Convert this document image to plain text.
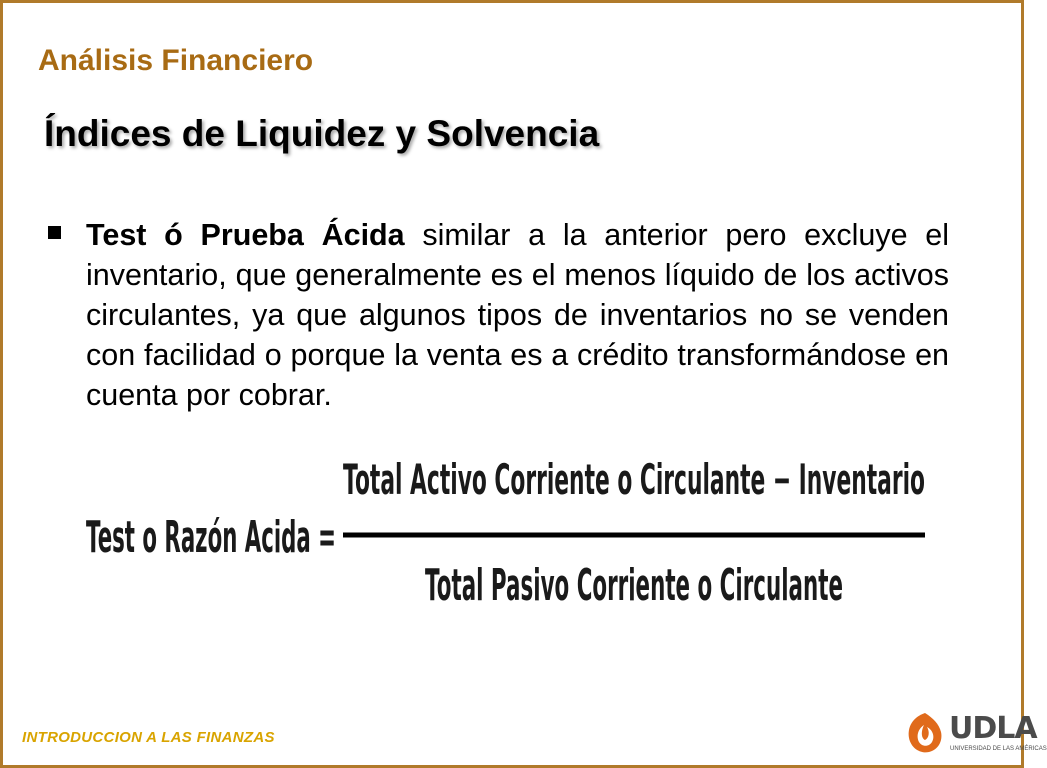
Análisis Financiero
Índices de Liquidez y Solvencia

Test ó Prueba Ácida similar a la anterior pero excluye el inventario, que generalmente es el menos líquido de los activos circulantes, ya que algunos tipos de inventarios no se venden con facilidad o porque la venta es a crédito transformándose en cuenta por cobrar.

Test o Razón Acida =
Total Activo Corriente o Circulante − Inventario
Total Pasivo Corriente o Circulante
INTRODUCCION A LAS FINANZAS	UDLA
UNIVERSIDAD DE LAS AMÉRICAS
